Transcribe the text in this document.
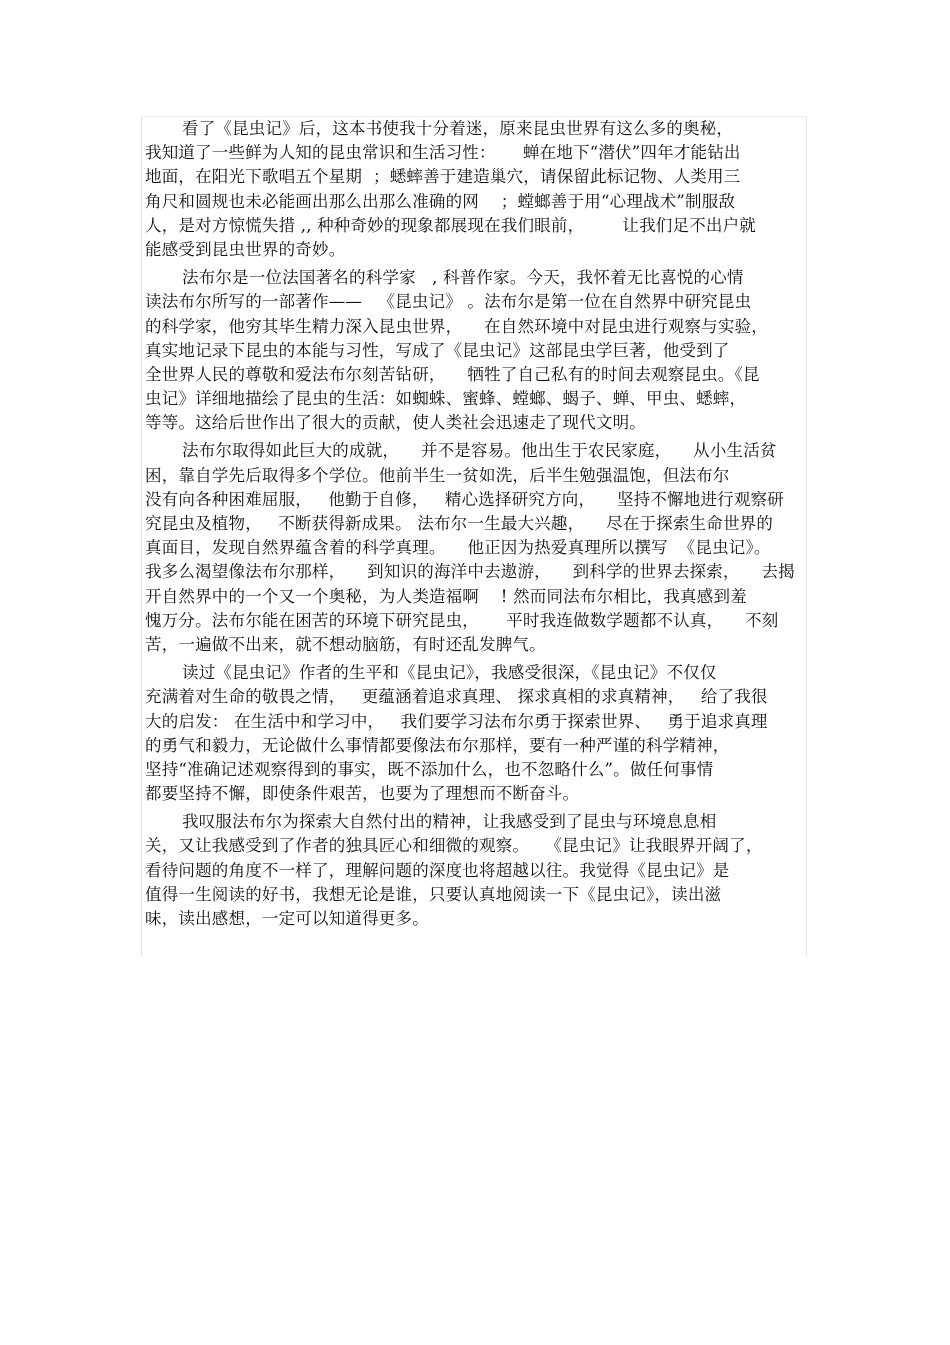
看了《昆虫记》后，这本书使我十分着迷，原来昆虫世界有这么多的奥秘，
我知道了一些鲜为人知的昆虫常识和生活习性：     蝉在地下“潜伏”四年才能钻出
地面，在阳光下歌唱五个星期  ；蟋蟀善于建造巢穴，请保留此标记物、人类用三
角尺和圆规也未必能画出那么出那么准确的网    ；螳螂善于用“心理战术”制服敌
人，是对方惊慌失措 ,, 种种奇妙的现象都展现在我们眼前，       让我们足不出户就
能感受到昆虫世界的奇妙。
法布尔是一位法国著名的科学家   , 科普作家。今天，我怀着无比喜悦的心情
读法布尔所写的一部著作——   《昆虫记》 。法布尔是第一位在自然界中研究昆虫
的科学家，他穷其毕生精力深入昆虫世界，    在自然环境中对昆虫进行观察与实验，
真实地记录下昆虫的本能与习性，写成了《昆虫记》这部昆虫学巨著，他受到了
全世界人民的尊敬和爱法布尔刻苦钻研，    牺牲了自己私有的时间去观察昆虫。《昆
虫记》详细地描绘了昆虫的生活：如蜘蛛、蜜蜂、螳螂、蝎子、蝉、甲虫、蟋蟀，
等等。这给后世作出了很大的贡献，使人类社会迅速走了现代文明。
法布尔取得如此巨大的成就，    并不是容易。他出生于农民家庭，    从小生活贫
困，靠自学先后取得多个学位。他前半生一贫如洗，后半生勉强温饱，但法布尔
没有向各种困难屈服，   他勤于自修，   精心选择研究方向，    坚持不懈地进行观察研
究昆虫及植物，   不断获得新成果。 法布尔一生最大兴趣，    尽在于探索生命世界的
真面目，发现自然界蕴含着的科学真理。    他正因为热爱真理所以撰写  《昆虫记》。
我多么渴望像法布尔那样，    到知识的海洋中去遨游，    到科学的世界去探索，    去揭
开自然界中的一个又一个奥秘，为人类造福啊    ! 然而同法布尔相比，我真感到羞
愧万分。法布尔能在困苦的环境下研究昆虫，     平时我连做数学题都不认真，    不刻
苦，一遍做不出来，就不想动脑筋，有时还乱发脾气。
读过《昆虫记》作者的生平和《昆虫记》，我感受很深，《昆虫记》不仅仅
充满着对生命的敬畏之情，   更蕴涵着追求真理、 探求真相的求真精神，   给了我很
大的启发： 在生活中和学习中，   我们要学习法布尔勇于探索世界、   勇于追求真理
的勇气和毅力，无论做什么事情都要像法布尔那样，要有一种严谨的科学精神，
坚持“准确记述观察得到的事实，既不添加什么，也不忽略什么”。做任何事情
都要坚持不懈，即使条件艰苦，也要为了理想而不断奋斗。
我叹服法布尔为探索大自然付出的精神，让我感受到了昆虫与环境息息相
关，又让我感受到了作者的独具匠心和细微的观察。   《昆虫记》让我眼界开阔了，
看待问题的角度不一样了，理解问题的深度也将超越以往。我觉得《昆虫记》是
值得一生阅读的好书，我想无论是谁，只要认真地阅读一下《昆虫记》，读出滋
味，读出感想，一定可以知道得更多。
